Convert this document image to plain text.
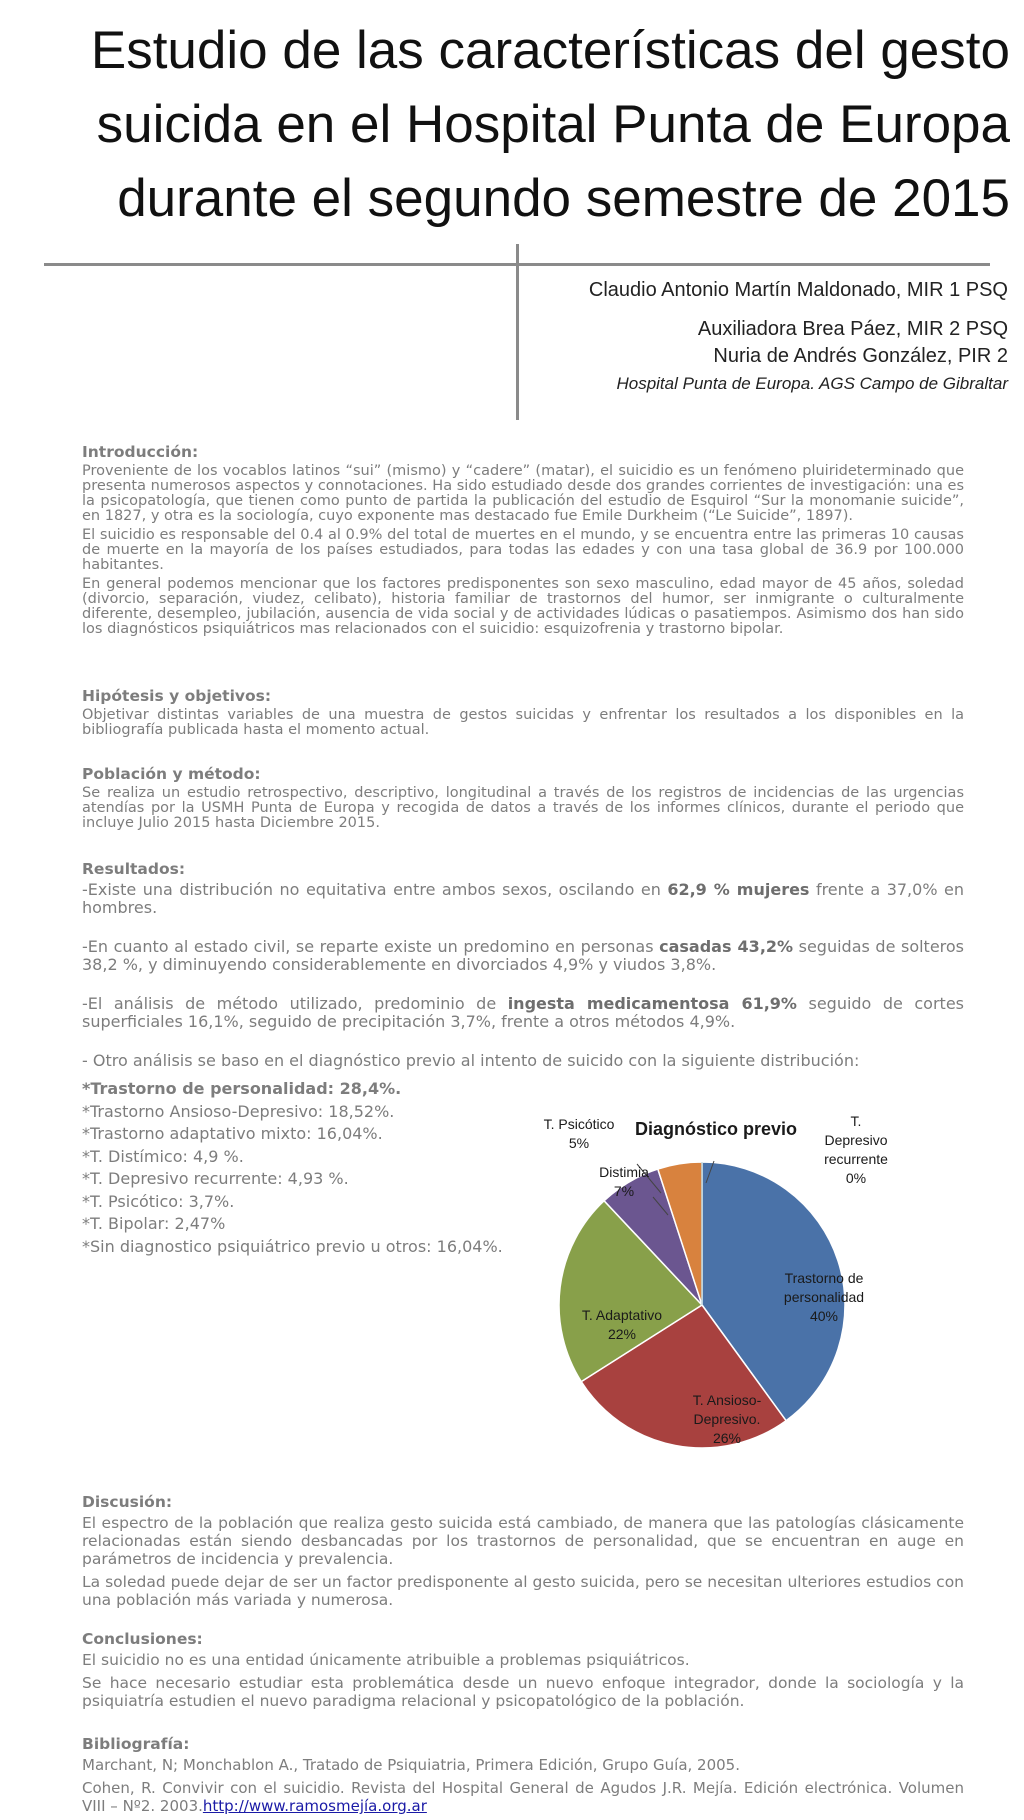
Estudio de las características del gesto
suicida en el Hospital Punta de Europa
durante el segundo semestre de 2015
Claudio Antonio Martín Maldonado, MIR 1 PSQ
Auxiliadora Brea Páez, MIR 2 PSQ
Nuria de Andrés González, PIR 2
Hospital Punta de Europa. AGS Campo de Gibraltar
Introducción:
Proveniente de los vocablos latinos “sui” (mismo) y “cadere” (matar), el suicidio es un fenómeno pluirideterminado que presenta numerosos aspectos y connotaciones. Ha sido estudiado desde dos grandes corrientes de investigación: una es la psicopatología, que tienen como punto de partida la publicación del estudio de Esquirol “Sur la monomanie suicide”, en 1827, y otra es la sociología, cuyo exponente mas destacado fue Emile Durkheim (“Le Suicide”, 1897).
El suicidio es responsable del 0.4 al 0.9% del total de muertes en el mundo, y se encuentra entre las primeras 10 causas de muerte en la mayoría de los países estudiados, para todas las edades y con una tasa global de 36.9 por 100.000 habitantes.
En general podemos mencionar que los factores predisponentes son sexo masculino, edad mayor de 45 años, soledad (divorcio, separación, viudez, celibato), historia familiar de trastornos del humor, ser inmigrante o culturalmente diferente, desempleo, jubilación, ausencia de vida social y de actividades lúdicas o pasatiempos. Asimismo dos han sido los diagnósticos psiquiátricos mas relacionados con el suicidio: esquizofrenia y trastorno bipolar.
Hipótesis y objetivos:
Objetivar distintas variables de una muestra de gestos suicidas y enfrentar los resultados a los disponibles en la bibliografía publicada hasta el momento actual.
Población y método:
Se realiza un estudio retrospectivo, descriptivo, longitudinal a través de los registros de incidencias de las urgencias atendías por la USMH Punta de Europa y recogida de datos a través de los informes clínicos, durante el periodo que incluye Julio 2015 hasta Diciembre 2015.
Resultados:
-Existe una distribución no equitativa entre ambos sexos, oscilando en 62,9 % mujeres frente a 37,0% en hombres.
-En cuanto al estado civil, se reparte existe un predomino en personas casadas 43,2% seguidas de solteros 38,2 %, y diminuyendo considerablemente en divorciados 4,9% y viudos 3,8%.
-El análisis de método utilizado, predominio de ingesta medicamentosa 61,9% seguido de cortes superficiales 16,1%, seguido de precipitación 3,7%, frente a otros métodos 4,9%.
- Otro análisis se baso en el diagnóstico previo al intento de suicido con la siguiente distribución:
*Trastorno de personalidad: 28,4%.
*Trastorno Ansioso-Depresivo: 18,52%.
*Trastorno adaptativo mixto: 16,04%.
*T. Distímico: 4,9 %.
*T. Depresivo recurrente: 4,93 %.
*T. Psicótico: 3,7%.
*T. Bipolar: 2,47%
*Sin diagnostico psiquiátrico previo u otros: 16,04%.
Diagnóstico previo
Trastorno de
personalidad
40%
T. Ansioso-
Depresivo.
26%
T. Adaptativo
22%
Distimia
7%
T. Psicótico
5%
T.
Depresivo
recurrente
0%
Discusión:
El espectro de la población que realiza gesto suicida está cambiado, de manera que las patologías clásicamente relacionadas están siendo desbancadas por los trastornos de personalidad, que se encuentran en auge en parámetros de incidencia y prevalencia.
La soledad puede dejar de ser un factor predisponente al gesto suicida, pero se necesitan ulteriores estudios con una población más variada y numerosa.
Conclusiones:
El suicidio no es una entidad únicamente atribuible a problemas psiquiátricos.
Se hace necesario estudiar esta problemática desde un nuevo enfoque integrador, donde la sociología y la psiquiatría estudien el nuevo paradigma relacional y psicopatológico de la población.
Bibliografía:
Marchant, N; Monchablon A., Tratado de Psiquiatria, Primera Edición, Grupo Guía, 2005.
Cohen, R. Convivir con el suicidio. Revista del Hospital General de Agudos J.R. Mejía. Edición electrónica. Volumen VIII – Nº2. 2003.http://www.ramosmejía.org.ar
